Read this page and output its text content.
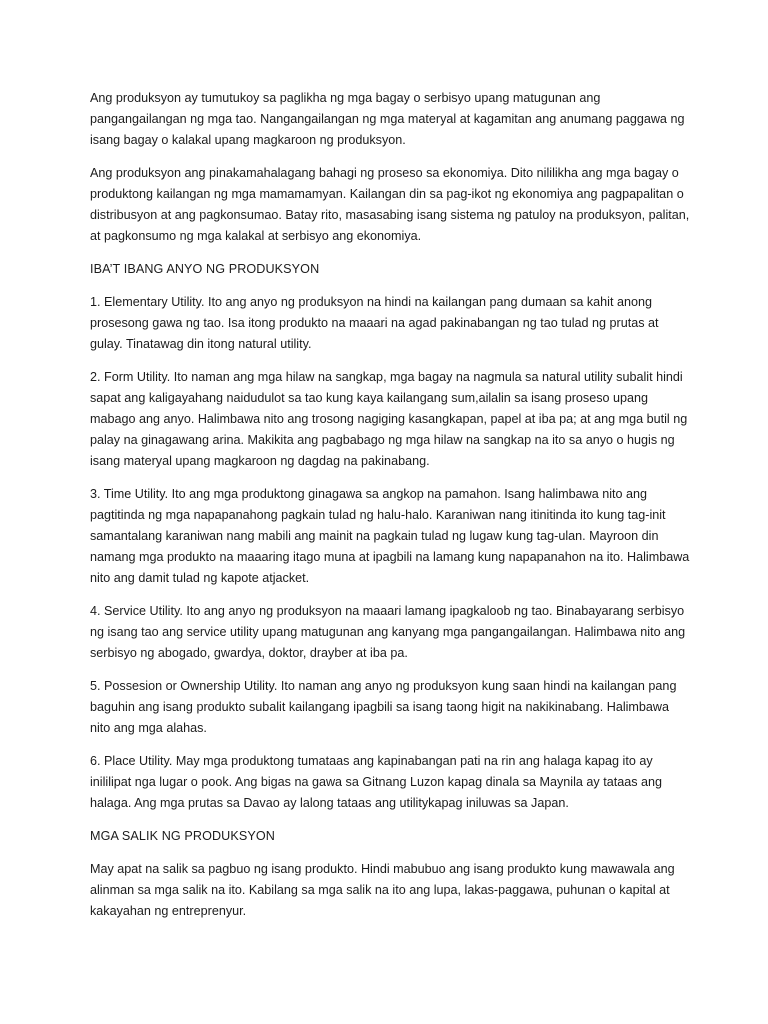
Ang produksyon ay tumutukoy sa paglikha ng mga bagay o serbisyo upang matugunan ang pangangailangan ng mga tao. Nangangailangan ng mga materyal at kagamitan ang anumang paggawa ng isang bagay o kalakal upang magkaroon ng produksyon.

Ang produksyon ang pinakamahalagang bahagi ng proseso sa ekonomiya. Dito nililikha ang mga bagay o produktong kailangan ng mga mamamamyan. Kailangan din sa pag-ikot ng ekonomiya ang pagpapalitan o distribusyon at ang pagkonsumao. Batay rito, masasabing isang sistema ng patuloy na produksyon, palitan, at pagkonsumo ng mga kalakal at serbisyo ang ekonomiya.

IBA’T IBANG ANYO NG PRODUKSYON

1. Elementary Utility. Ito ang anyo ng produksyon na hindi na kailangan pang dumaan sa kahit anong prosesong gawa ng tao. Isa itong produkto na maaari na agad pakinabangan ng tao tulad ng prutas at gulay. Tinatawag din itong natural utility.

2. Form Utility. Ito naman ang mga hilaw na sangkap, mga bagay na nagmula sa natural utility subalit hindi sapat ang kaligayahang naidudulot sa tao kung kaya kailangang sum,ailalin sa isang proseso upang mabago ang anyo. Halimbawa nito ang trosong nagiging kasangkapan, papel at iba pa; at ang mga butil ng palay na ginagawang arina. Makikita ang pagbabago ng mga hilaw na sangkap na ito sa anyo o hugis ng isang materyal upang magkaroon ng dagdag na pakinabang.

3. Time Utility. Ito ang mga produktong ginagawa sa angkop na pamahon. Isang halimbawa nito ang pagtitinda ng mga napapanahong pagkain tulad ng halu-halo. Karaniwan nang itinitinda ito kung tag-init samantalang karaniwan nang mabili ang mainit na pagkain tulad ng lugaw kung tag-ulan. Mayroon din namang mga produkto na maaaring itago muna at ipagbili na lamang kung napapanahon na ito. Halimbawa nito ang damit tulad ng kapote atjacket.

4. Service Utility. Ito ang anyo ng produksyon na maaari lamang ipagkaloob ng tao. Binabayarang serbisyo ng isang tao ang service utility upang matugunan ang kanyang mga pangangailangan. Halimbawa nito ang serbisyo ng abogado, gwardya, doktor, drayber at iba pa.

5. Possesion or Ownership Utility. Ito naman ang anyo ng produksyon kung saan hindi na kailangan pang baguhin ang isang produkto subalit kailangang ipagbili sa isang taong higit na nakikinabang. Halimbawa nito ang mga alahas.

6. Place Utility. May mga produktong tumataas ang kapinabangan pati na rin ang halaga kapag ito ay inililipat nga lugar o pook. Ang bigas na gawa sa Gitnang Luzon kapag dinala sa Maynila ay tataas ang halaga. Ang mga prutas sa Davao ay lalong tataas ang utilitykapag iniluwas sa Japan.

MGA SALIK NG PRODUKSYON

May apat na salik sa pagbuo ng isang produkto. Hindi mabubuo ang isang produkto kung mawawala ang alinman sa mga salik na ito. Kabilang sa mga salik na ito ang lupa, lakas-paggawa, puhunan o kapital at kakayahan ng entreprenyur.
